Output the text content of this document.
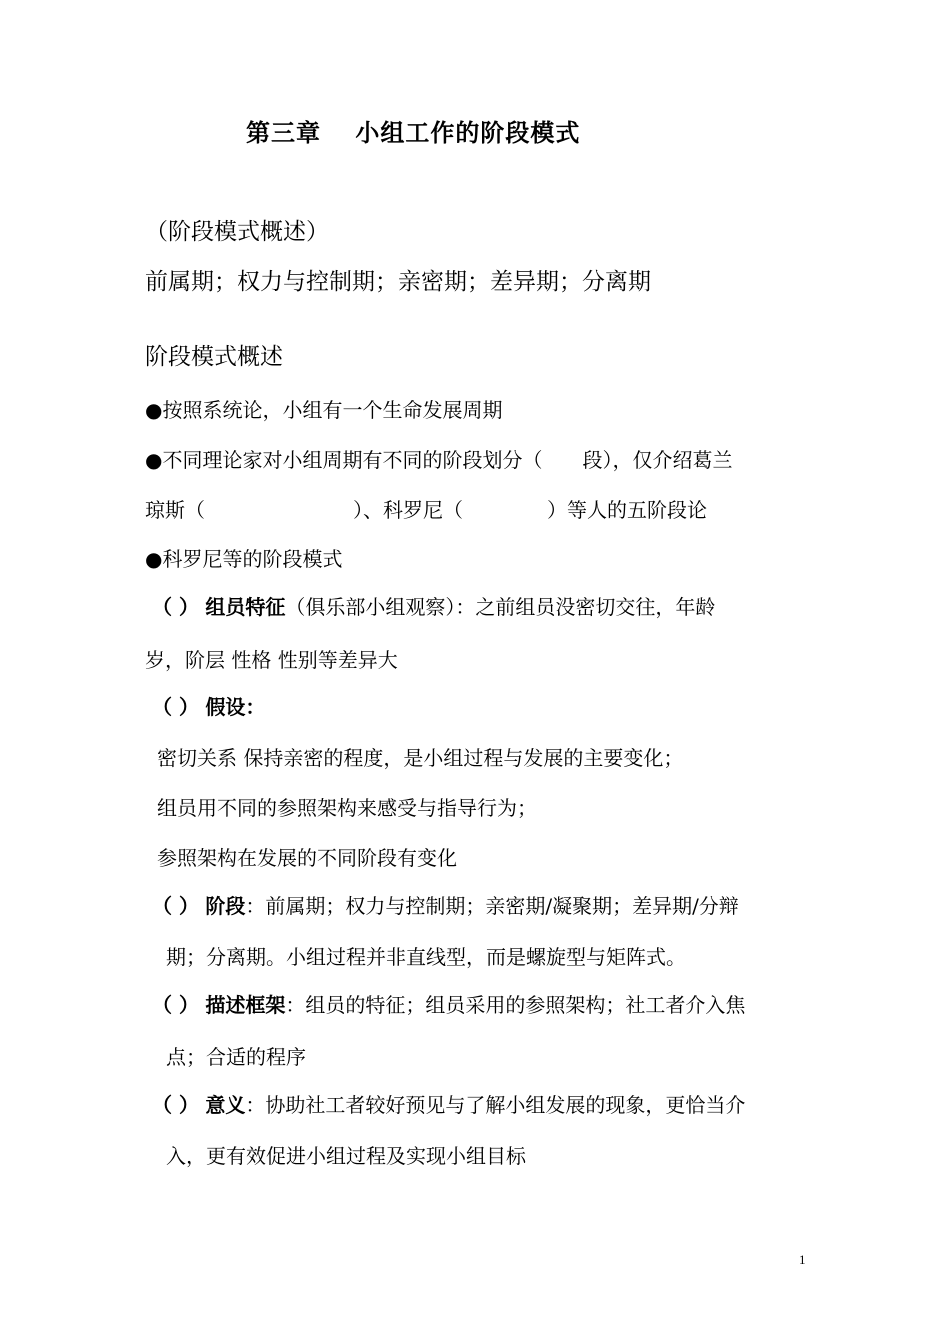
第三章　 小组工作的阶段模式
（阶段模式概述）
前属期；权力与控制期；亲密期；差异期；分离期
阶段模式概述
●按照系统论，小组有一个生命发展周期
●不同理论家对小组周期有不同的阶段划分（　　段），仅介绍葛兰
琼斯（	）、科罗尼（	）等人的五阶段论
●科罗尼等的阶段模式
（ ） 组员特征（俱乐部小组观察）：之前组员没密切交往，年龄
岁，阶层 性格 性别等差异大
（ ） 假设：
密切关系 保持亲密的程度，是小组过程与发展的主要变化；
组员用不同的参照架构来感受与指导行为；
参照架构在发展的不同阶段有变化
（ ） 阶段：前属期；权力与控制期；亲密期/凝聚期；差异期/分辩
期；分离期。小组过程并非直线型，而是螺旋型与矩阵式。
（ ） 描述框架：组员的特征；组员采用的参照架构；社工者介入焦
点；合适的程序
（ ） 意义：协助社工者较好预见与了解小组发展的现象，更恰当介
入，更有效促进小组过程及实现小组目标
1
